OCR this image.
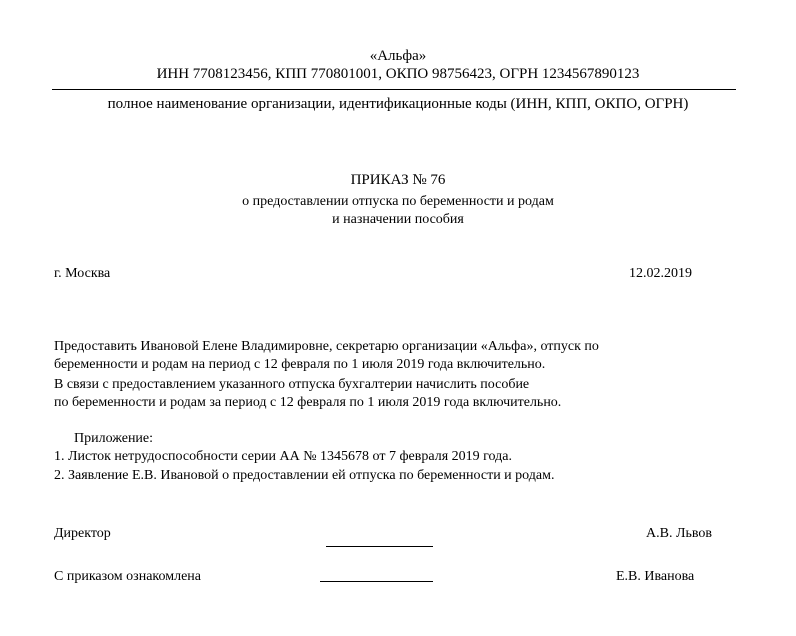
«Альфа»
ИНН 7708123456, КПП 770801001, ОКПО 98756423, ОГРН 1234567890123
полное наименование организации, идентификационные коды (ИНН, КПП, ОКПО, ОГРН)
ПРИКАЗ № 76
о предоставлении отпуска по беременности и родам
и назначении пособия
г. Москва	12.02.2019
Предоставить Ивановой Елене Владимировне, секретарю организации «Альфа», отпуск по
беременности и родам на период с 12 февраля по 1 июля 2019 года включительно.
В связи с предоставлением указанного отпуска бухгалтерии начислить пособие
по беременности и родам за период с 12 февраля по 1 июля 2019 года включительно.
Приложение:
1. Листок нетрудоспособности серии АА № 1345678 от 7 февраля 2019 года.
2. Заявление Е.В. Ивановой о предоставлении ей отпуска по беременности и родам.
Директор	А.В. Львов
С приказом ознакомлена	Е.В. Иванова
